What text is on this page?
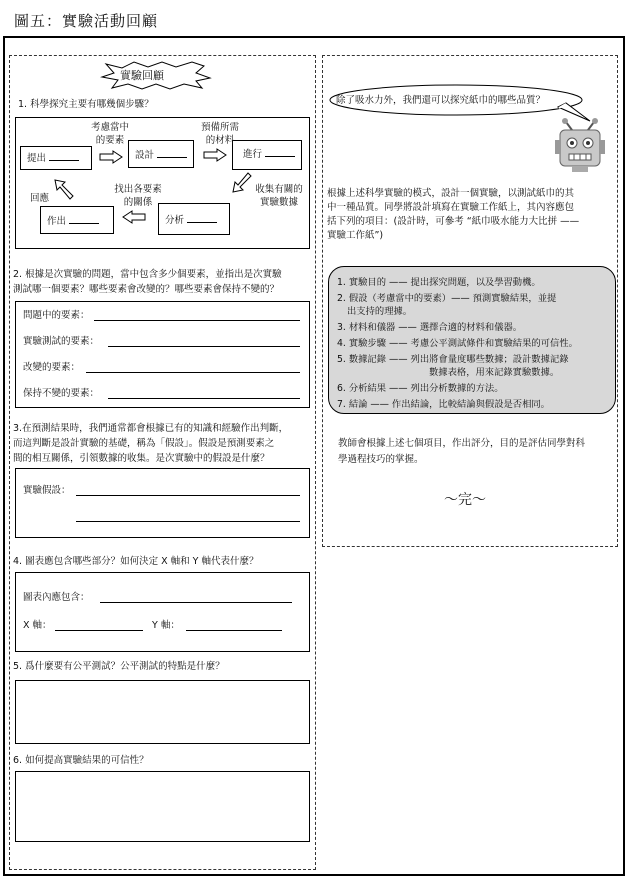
圖五：實驗活動回顧
實驗回顧
1. 科學探究主要有哪幾個步驟？
提出	設計	進行
分析
作出
考慮當中
的要素
預備所需
的材料
收集有關的
實驗數據
找出各要素
的關係
回應
2. 根據是次實驗的問題，當中包含多少個要素，並指出是次實驗
測試哪一個要素？哪些要素會改變的？哪些要素會保持不變的？
問題中的要素：
實驗測試的要素：
改變的要素：
保持不變的要素：
3.在預測結果時，我們通常都會根據已有的知識和經驗作出判斷，
而這判斷是設計實驗的基礎，稱為「假設」。假設是預測要素之
間的相互關係，引領數據的收集。是次實驗中的假設是什麼？
實驗假設：
4. 圖表應包含哪些部分？如何決定 X 軸和 Y 軸代表什麼？
圖表內應包含：
X 軸：	Y 軸：
5. 爲什麼要有公平測試？公平測試的特點是什麼？
6. 如何提高實驗結果的可信性？
除了吸水力外，我們還可以探究紙巾的哪些品質？
根據上述科學實驗的模式，設計一個實驗，以測試紙巾的其
中一種品質。同學將設計填寫在實驗工作紙上，其內容應包
括下列的項目：(設計時，可參考 “紙巾吸水能力大比拼 ——
實驗工作紙”)
1. 實驗目的 —— 提出探究問題，以及學習動機。
2. 假設（考慮當中的要素）—— 預測實驗結果，並提
出支持的理據。
3. 材料和儀器 —— 選擇合適的材料和儀器。
4. 實驗步驟 —— 考慮公平測試條件和實驗結果的可信性。
5. 數據記錄 —— 列出將會量度哪些數據；設計數據記錄
數據表格，用來記錄實驗數據。
6. 分析結果 —— 列出分析數據的方法。
7. 結論 —— 作出結論，比較結論與假設是否相同。
教師會根據上述七個項目，作出評分，目的是評估同學對科
學過程技巧的掌握。
～完～
